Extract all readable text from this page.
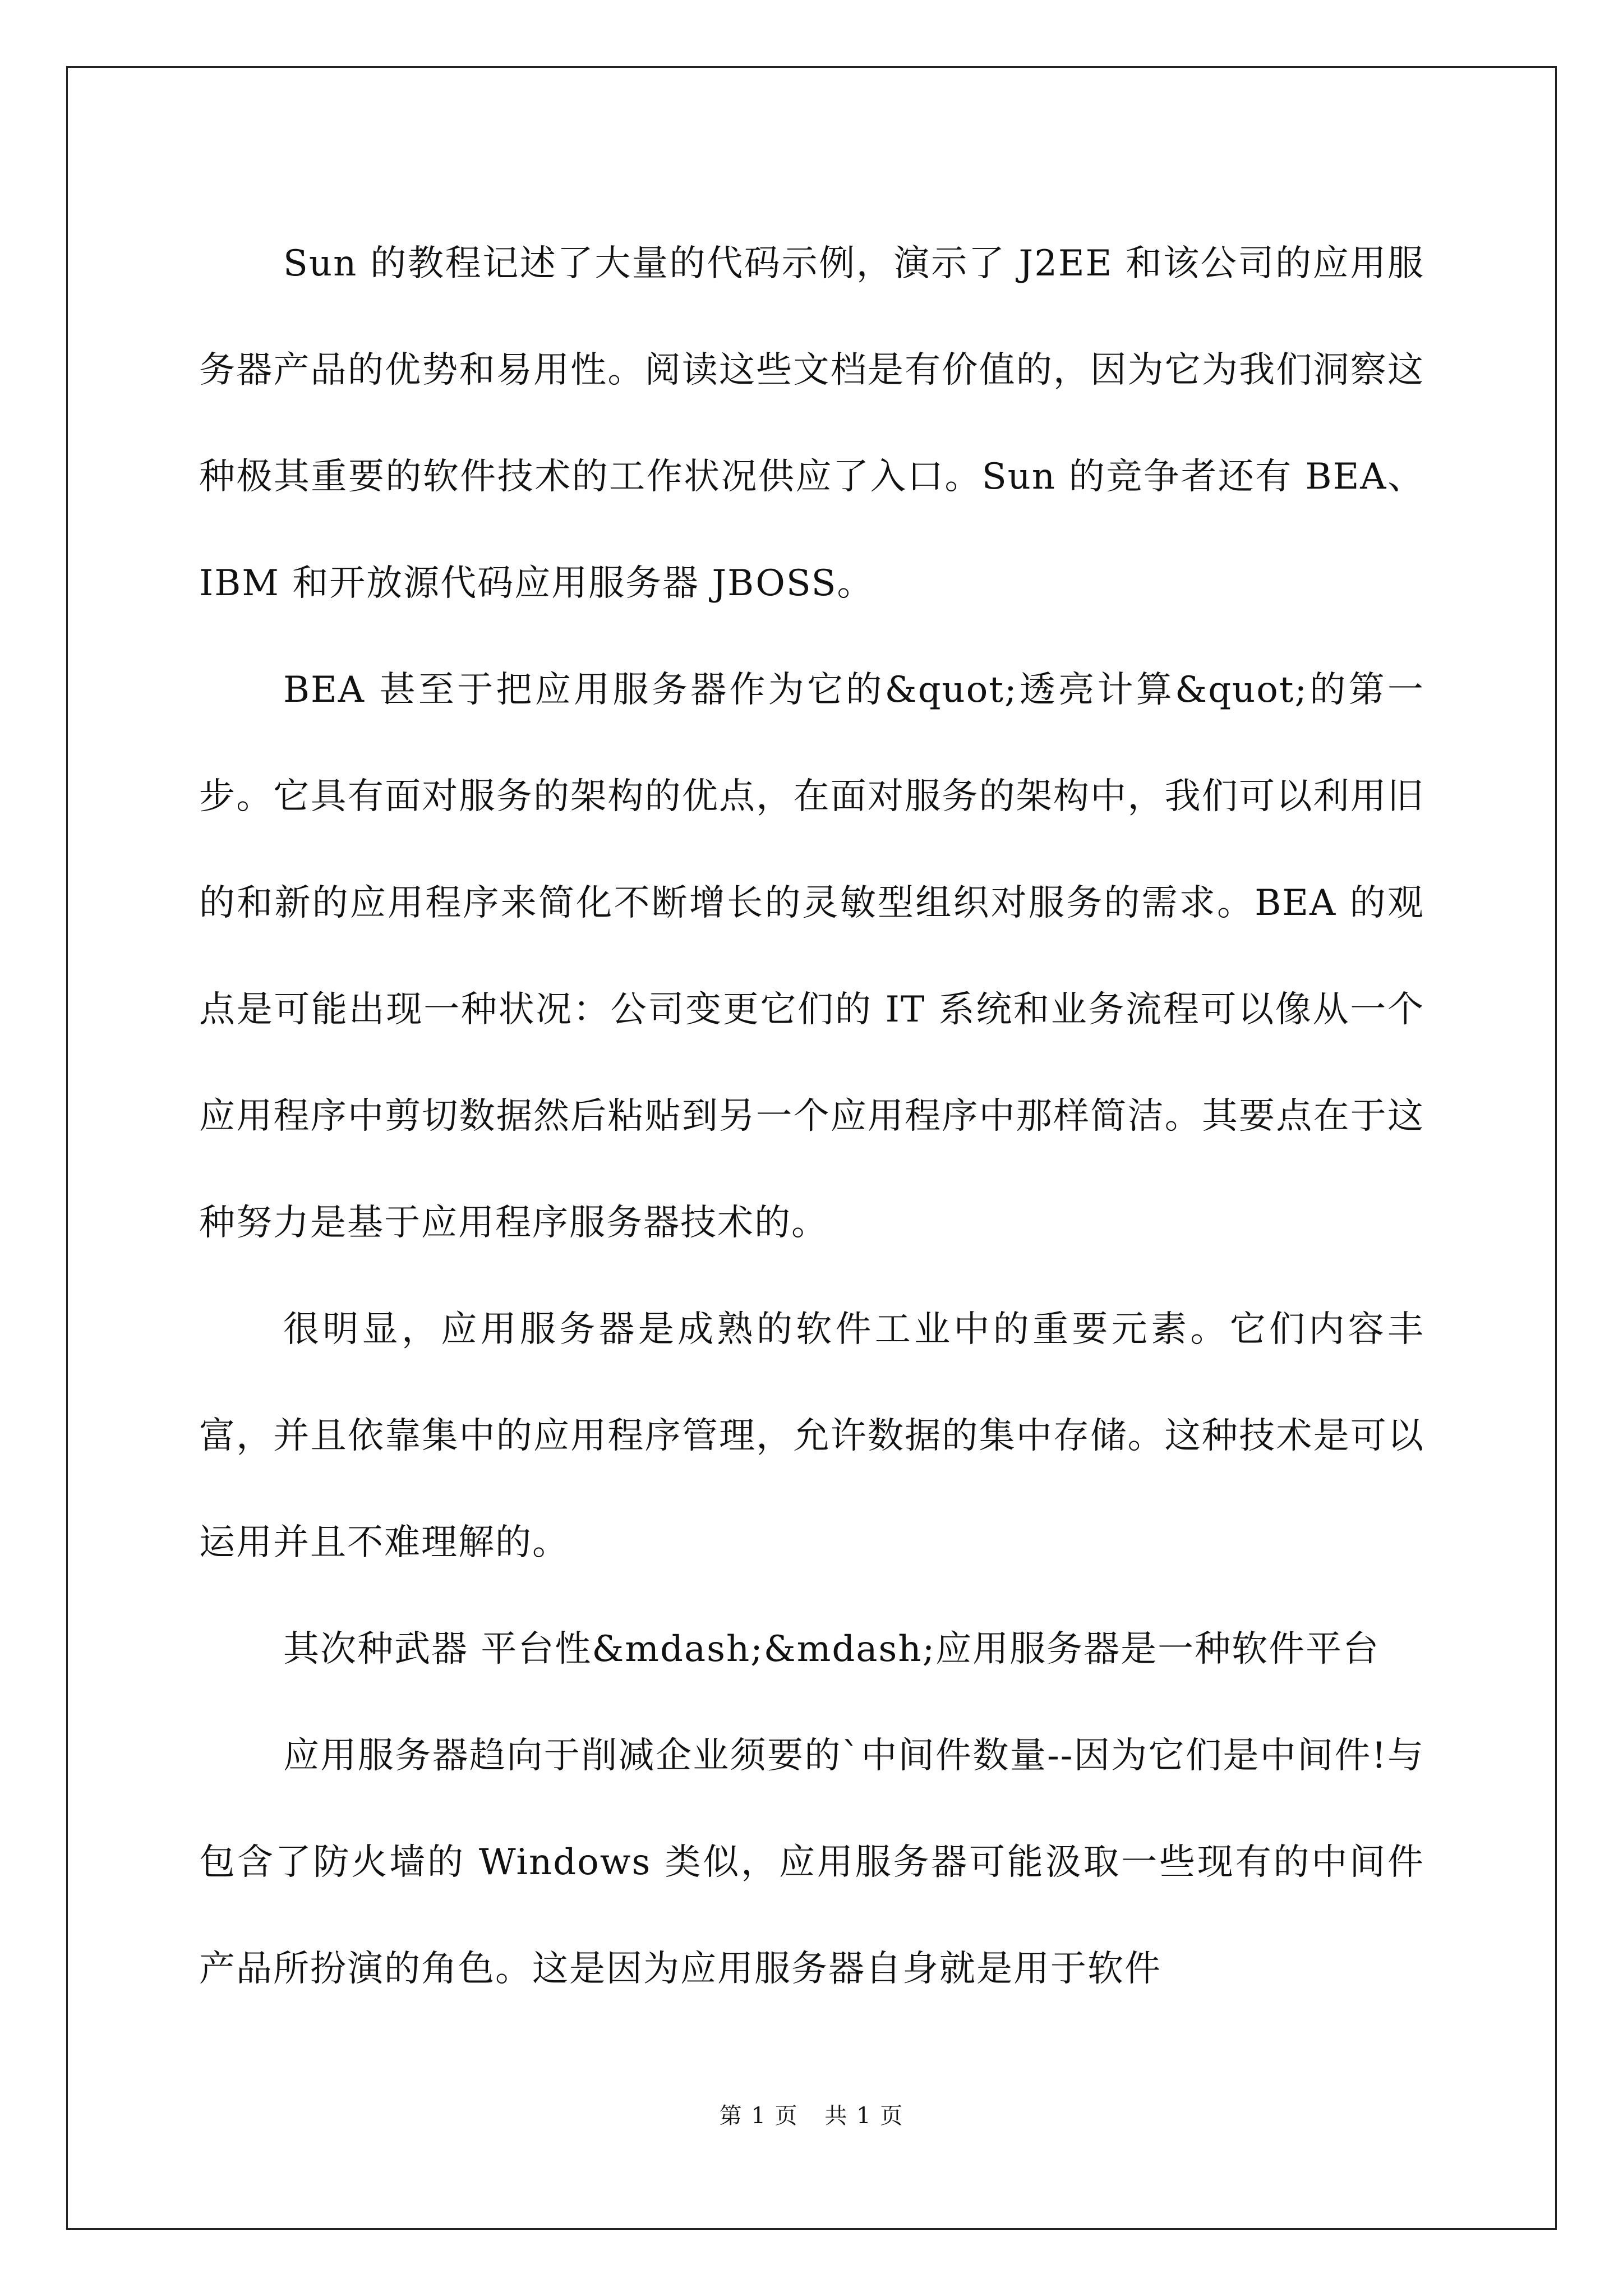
Sun 的教程记述了大量的代码示例，演示了 J2EE 和该公司的应用服务器产品的优势和易用性。阅读这些文档是有价值的，因为它为我们洞察这种极其重要的软件技术的工作状况供应了入口。Sun 的竞争者还有 BEA、IBM 和开放源代码应用服务器 JBOSS。

BEA 甚至于把应用服务器作为它的&quot;透亮计算&quot;的第一步。它具有面对服务的架构的优点，在面对服务的架构中，我们可以利用旧的和新的应用程序来简化不断增长的灵敏型组织对服务的需求。BEA 的观点是可能出现一种状况：公司变更它们的 IT 系统和业务流程可以像从一个应用程序中剪切数据然后粘贴到另一个应用程序中那样简洁。其要点在于这种努力是基于应用程序服务器技术的。

很明显，应用服务器是成熟的软件工业中的重要元素。它们内容丰富，并且依靠集中的应用程序管理，允许数据的集中存储。这种技术是可以运用并且不难理解的。

其次种武器 平台性&mdash;&mdash;应用服务器是一种软件平台

应用服务器趋向于削减企业须要的`中间件数量--因为它们是中间件!与包含了防火墙的 Windows 类似，应用服务器可能汲取一些现有的中间件产品所扮演的角色。这是因为应用服务器自身就是用于软件

第 1 页 共 1 页
